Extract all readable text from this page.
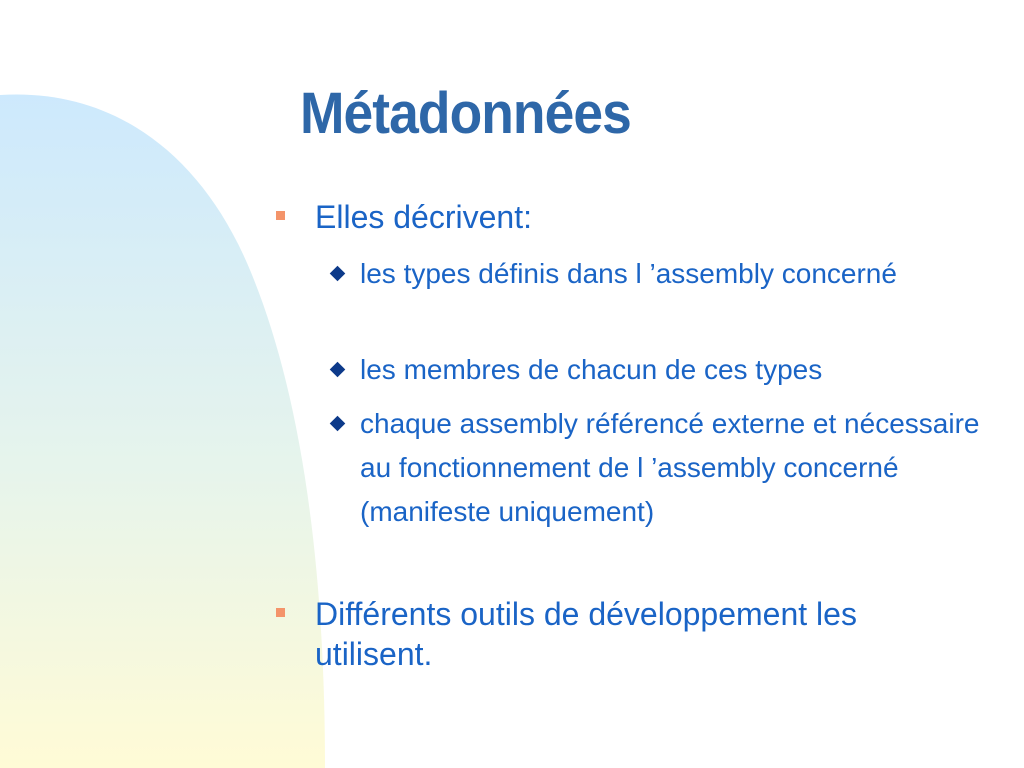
Métadonnées
Elles décrivent:
les types définis dans l ’assembly concerné
les membres de chacun de ces types
chaque assembly référencé externe et nécessaire au fonctionnement de l ’assembly concerné (manifeste uniquement)
Différents outils de développement les utilisent.
